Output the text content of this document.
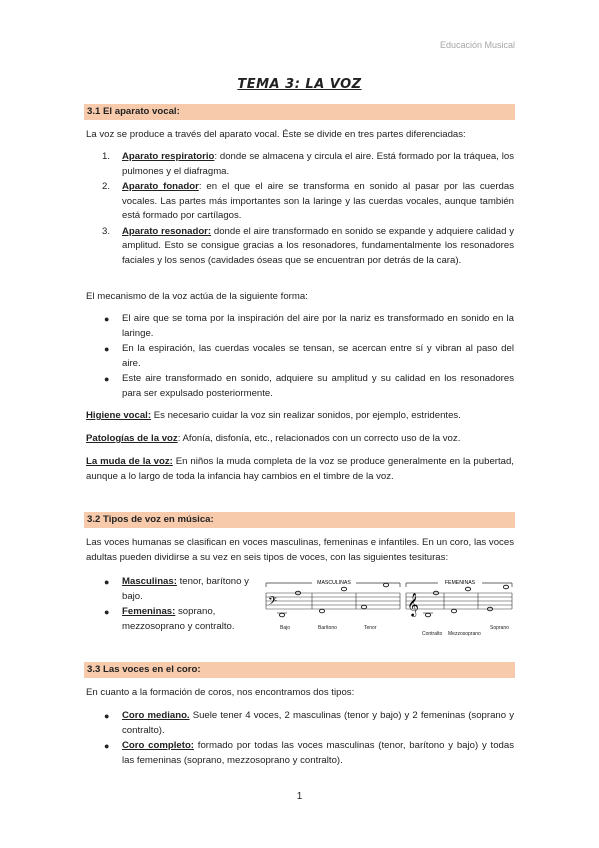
Educación Musical
TEMA 3: LA VOZ
3.1 El aparato vocal:
La voz se produce a través del aparato vocal. Éste se divide en tres partes diferenciadas:
1. Aparato respiratorio: donde se almacena y circula el aire. Está formado por la tráquea, los pulmones y el diafragma.
2. Aparato fonador: en el que el aire se transforma en sonido al pasar por las cuerdas vocales. Las partes más importantes son la laringe y las cuerdas vocales, aunque también está formado por cartílagos.
3. Aparato resonador: donde el aire transformado en sonido se expande y adquiere calidad y amplitud. Esto se consigue gracias a los resonadores, fundamentalmente los resonadores faciales y los senos (cavidades óseas que se encuentran por detrás de la cara).
El mecanismo de la voz actúa de la siguiente forma:
● El aire que se toma por la inspiración del aire por la nariz es transformado en sonido en la laringe.
● En la espiración, las cuerdas vocales se tensan, se acercan entre sí y vibran al paso del aire.
● Este aire transformado en sonido, adquiere su amplitud y su calidad en los resonadores para ser expulsado posteriormente.
Higiene vocal: Es necesario cuidar la voz sin realizar sonidos, por ejemplo, estridentes.
Patologías de la voz: Afonía, disfonía, etc., relacionados con un correcto uso de la voz.
La muda de la voz: En niños la muda completa de la voz se produce generalmente en la pubertad, aunque a lo largo de toda la infancia hay cambios en el timbre de la voz.
3.2 Tipos de voz en música:
Las voces humanas se clasifican en voces masculinas, femeninas e infantiles. En un coro, las voces adultas pueden dividirse a su vez en seis tipos de voces, con las siguientes tesituras:
● Masculinas: tenor, barítono y bajo.
● Femeninas: soprano, mezzosoprano y contralto.
MASCULINAS	FEMENINAS
𝄢	𝄞
Bajo	Barítono	Tenor
Contralto Mezzosoprano
Soprano
3.3 Las voces en el coro:
En cuanto a la formación de coros, nos encontramos dos tipos:
● Coro mediano. Suele tener 4 voces, 2 masculinas (tenor y bajo) y 2 femeninas (soprano y contralto).
● Coro completo: formado por todas las voces masculinas (tenor, barítono y bajo) y todas las femeninas (soprano, mezzosoprano y contralto).
1
